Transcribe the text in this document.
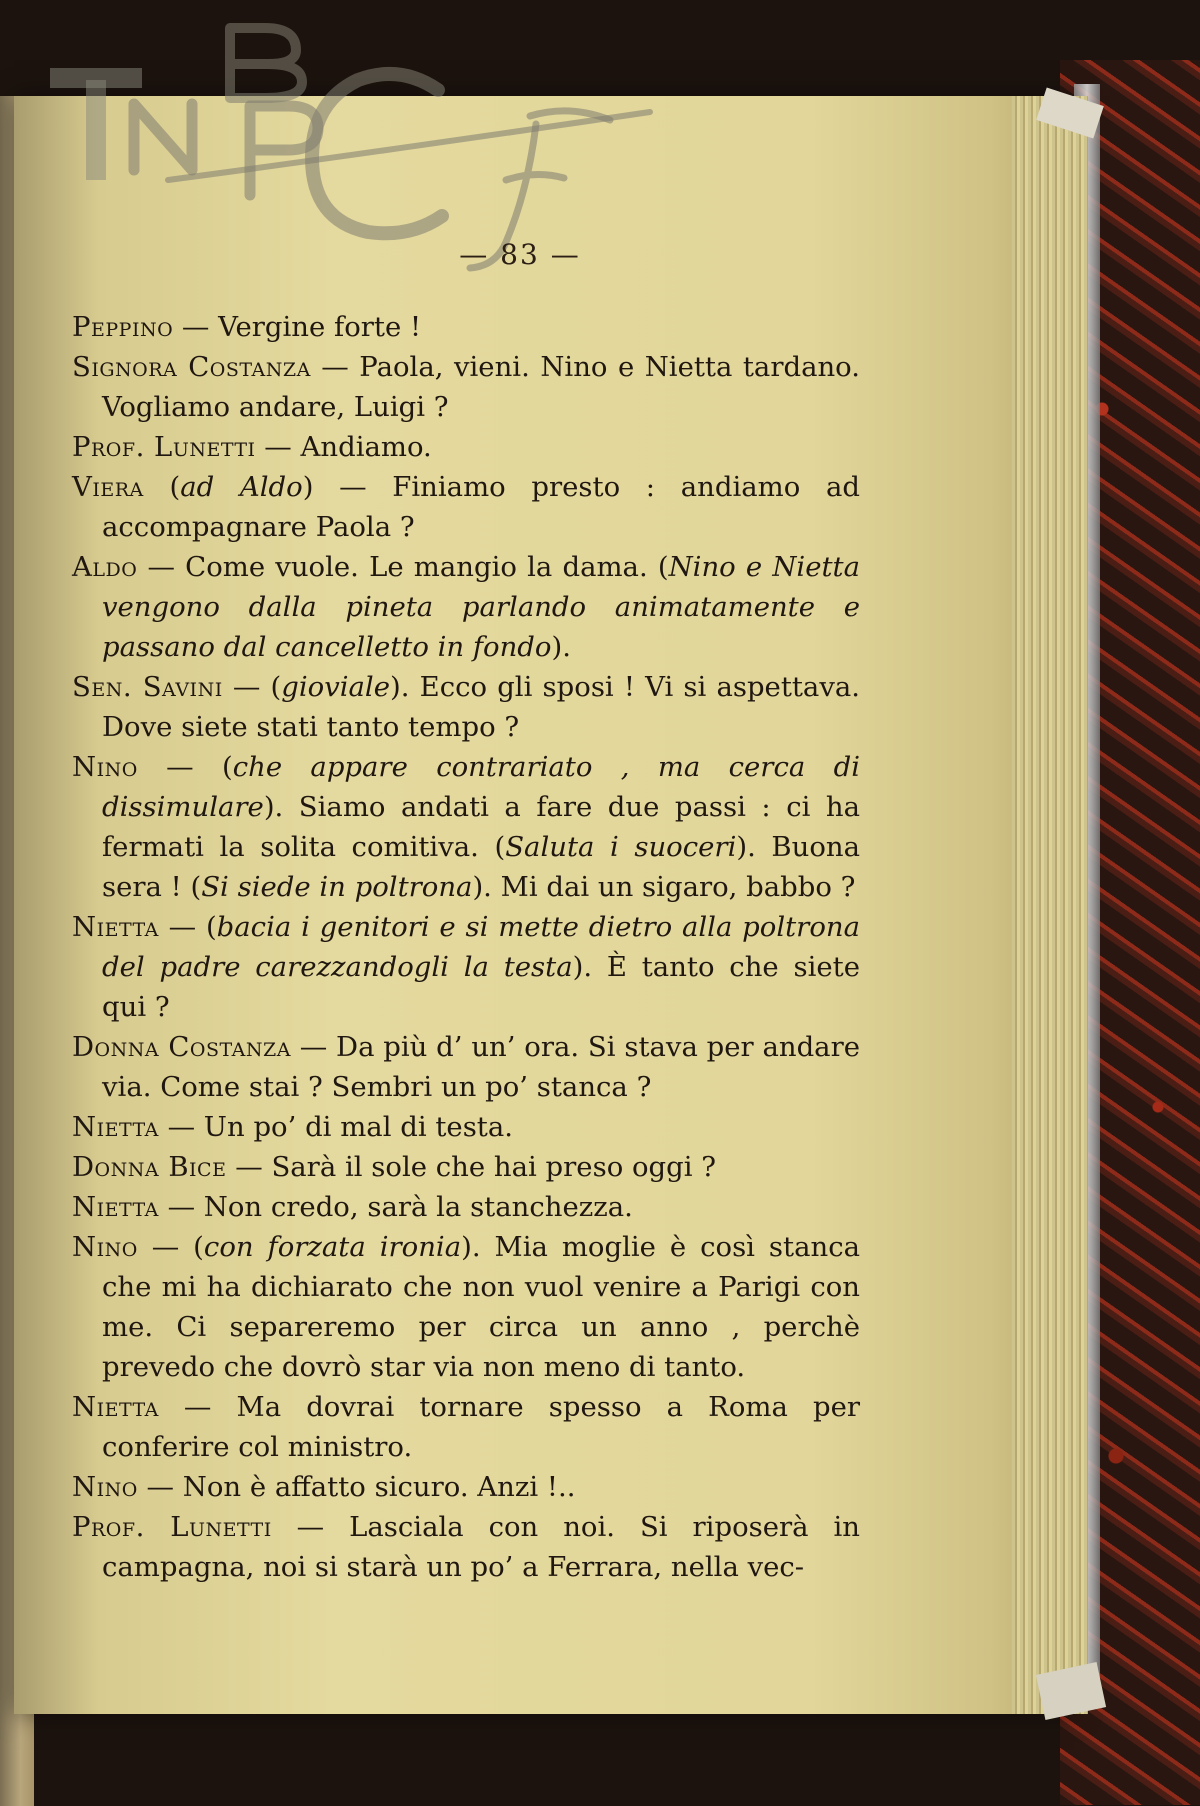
— 83 —

Peppino — Vergine forte !

Signora Costanza — Paola, vieni. Nino e Nietta tardano. Vogliamo andare, Luigi ?

Prof. Lunetti — Andiamo.

Viera (ad Aldo) — Finiamo presto : andiamo ad accompagnare Paola ?

Aldo — Come vuole. Le mangio la dama. (Nino e Nietta vengono dalla pineta parlando animatamente e passano dal cancelletto in fondo).

Sen. Savini — (gioviale). Ecco gli sposi ! Vi si aspettava. Dove siete stati tanto tempo ?

Nino — (che appare contrariato , ma cerca di dissimulare). Siamo andati a fare due passi : ci ha fermati la solita comitiva. (Saluta i suoceri). Buona sera ! (Si siede in poltrona). Mi dai un sigaro, babbo ?

Nietta — (bacia i genitori e si mette dietro alla poltrona del padre carezzandogli la testa). È tanto che siete qui ?

Donna Costanza — Da più d’ un’ ora. Si stava per andare via. Come stai ? Sembri un po’ stanca ?

Nietta — Un po’ di mal di testa.

Donna Bice — Sarà il sole che hai preso oggi ?

Nietta — Non credo, sarà la stanchezza.

Nino — (con forzata ironia). Mia moglie è così stanca che mi ha dichiarato che non vuol venire a Parigi con me. Ci separeremo per circa un anno , perchè prevedo che dovrò star via non meno di tanto.

Nietta — Ma dovrai tornare spesso a Roma per conferire col ministro.

Nino — Non è affatto sicuro. Anzi !..

Prof. Lunetti — Lasciala con noi. Si riposerà in campagna, noi si starà un po’ a Ferrara, nella vec-
